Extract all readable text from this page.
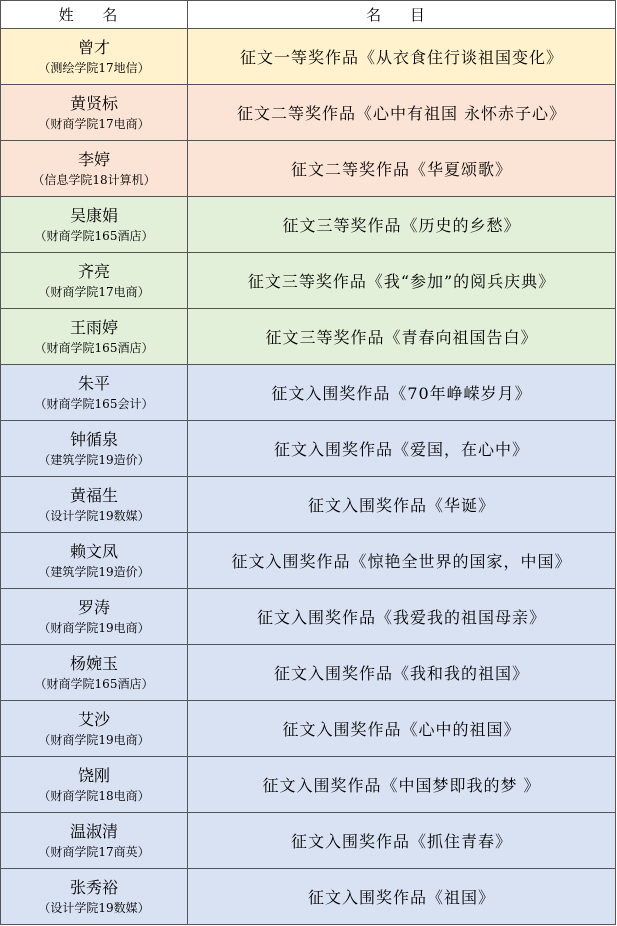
姓 名	名 目

曾才
（测绘学院17地信）	征文一等奖作品《从衣食住行谈祖国变化》

黄贤标
（财商学院17电商）	征文二等奖作品《心中有祖国 永怀赤子心》

李婷
（信息学院18计算机）	征文二等奖作品《华夏颂歌》

吴康娟
（财商学院165酒店）	征文三等奖作品《历史的乡愁》

齐亮
（财商学院17电商）	征文三等奖作品《我“参加”的阅兵庆典》

王雨婷
（财商学院165酒店）	征文三等奖作品《青春向祖国告白》

朱平
（财商学院165会计）	征文入围奖作品《70年峥嵘岁月》

钟循泉
（建筑学院19造价）	征文入围奖作品《爱国，在心中》

黄福生
（设计学院19数媒）	征文入围奖作品《华诞》

赖文凤
（建筑学院19造价）	征文入围奖作品《惊艳全世界的国家，中国》

罗涛
（财商学院19电商）	征文入围奖作品《我爱我的祖国母亲》

杨婉玉
（财商学院165酒店）	征文入围奖作品《我和我的祖国》

艾沙
（财商学院19电商）	征文入围奖作品《心中的祖国》

饶刚
（财商学院18电商）	征文入围奖作品《中国梦即我的梦 》

温淑清
（财商学院17商英）	征文入围奖作品《抓住青春》

张秀裕
（设计学院19数媒）	征文入围奖作品《祖国》
